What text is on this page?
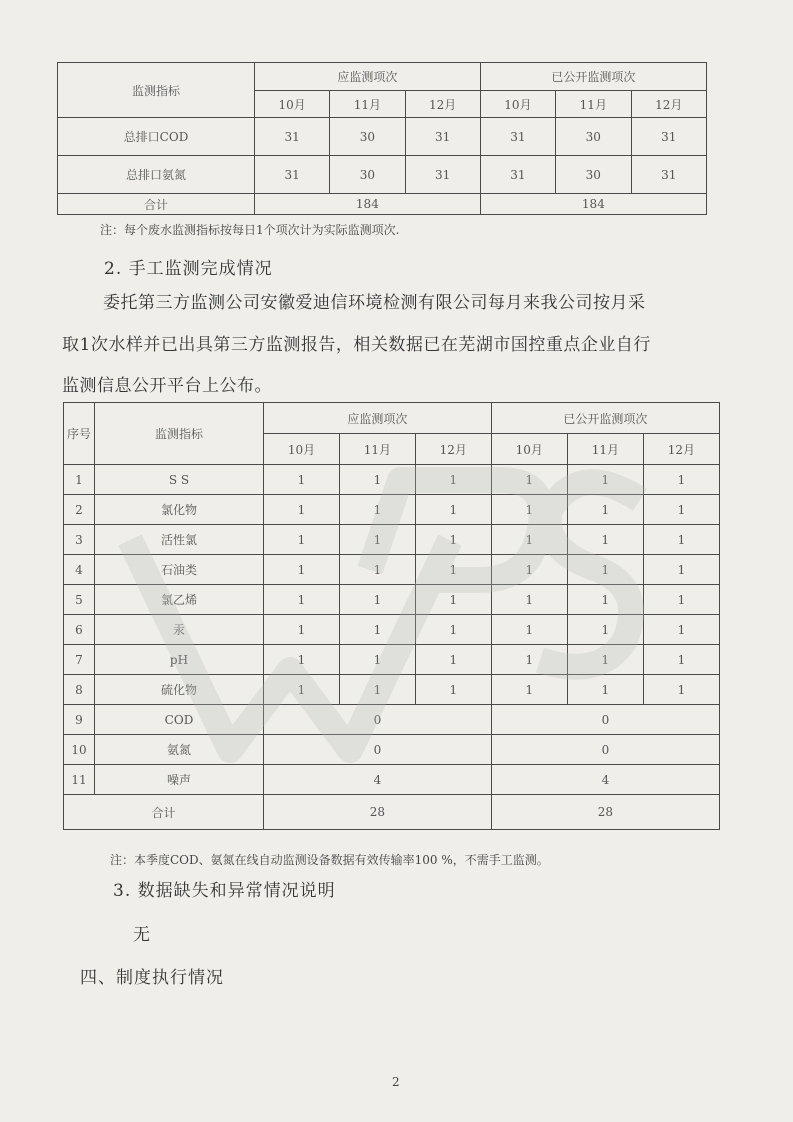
监测指标	应监测项次			已公开监测项次		
	10月	11月	12月	10月	11月	12月
总排口COD	31	30	31	31	30	31
总排口氨氮	31	30	31	31	30	31
合计	184			184		
注：每个废水监测指标按每日1个项次计为实际监测项次.
2. 手工监测完成情况
委托第三方监测公司安徽爱迪信环境检测有限公司每月来我公司按月采
取1次水样并已出具第三方监测报告，相关数据已在芜湖市国控重点企业自行
监测信息公开平台上公布。
序号	监测指标	应监测项次			已公开监测项次		
		10月	11月	12月	10月	11月	12月
1	S S	1	1	1	1	1	1
2	氯化物	1	1	1	1	1	1
3	活性氯	1	1	1	1	1	1
4	石油类	1	1	1	1	1	1
5	氯乙烯	1	1	1	1	1	1
6	汞	1	1	1	1	1	1
7	pH	1	1	1	1	1	1
8	硫化物	1	1	1	1	1	1
9	COD	0			0		
10	氨氮	0			0		
11	噪声	4			4		
合计		28			28		
注：本季度COD、氨氮在线自动监测设备数据有效传输率100 %，不需手工监测。
3. 数据缺失和异常情况说明
无
四、制度执行情况
2
